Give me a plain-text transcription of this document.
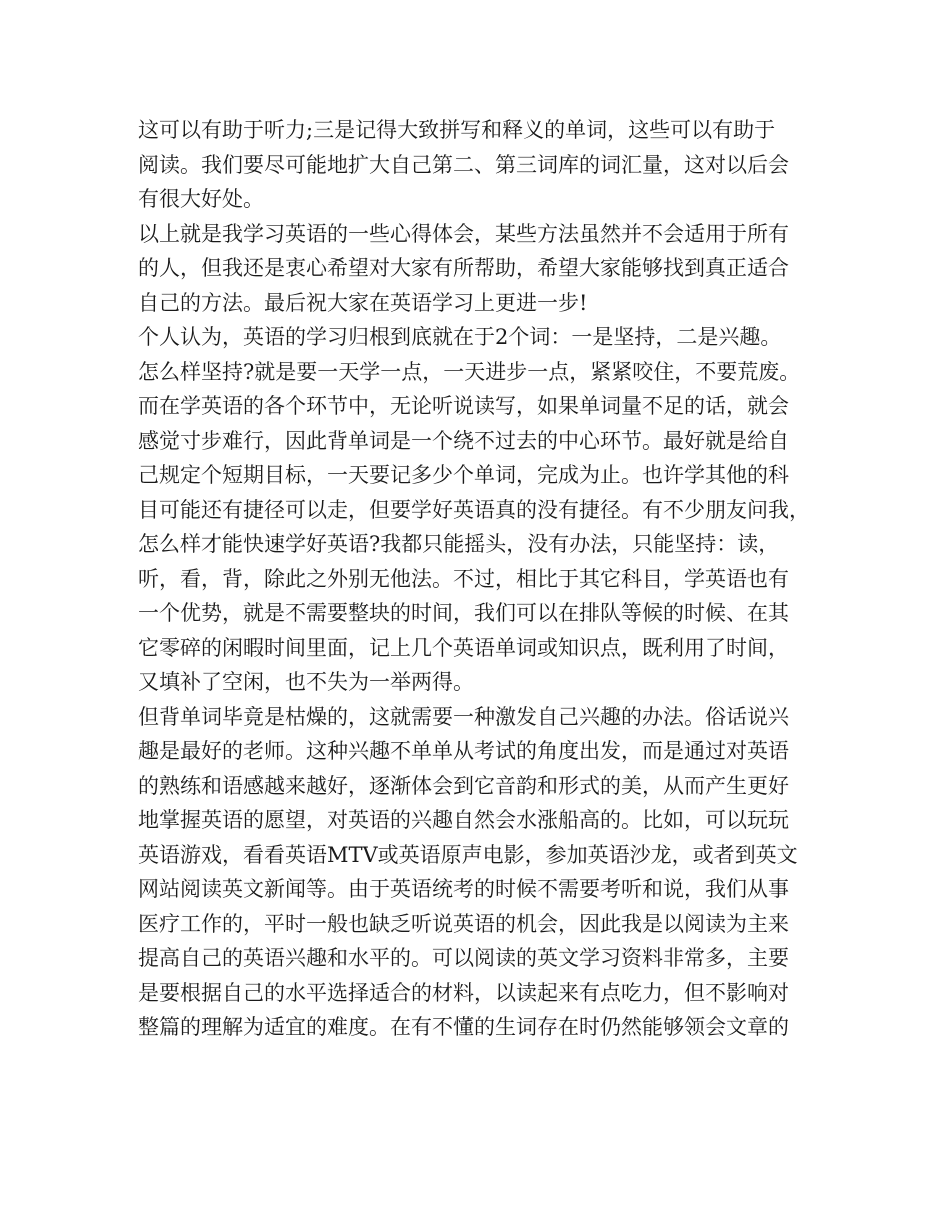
这可以有助于听力;三是记得大致拼写和释义的单词，这些可以有助于
阅读。我们要尽可能地扩大自己第二、第三词库的词汇量，这对以后会
有很大好处。
以上就是我学习英语的一些心得体会，某些方法虽然并不会适用于所有
的人，但我还是衷心希望对大家有所帮助，希望大家能够找到真正适合
自己的方法。最后祝大家在英语学习上更进一步!
个人认为，英语的学习归根到底就在于2个词：一是坚持，二是兴趣。
怎么样坚持?就是要一天学一点，一天进步一点，紧紧咬住，不要荒废。
而在学英语的各个环节中，无论听说读写，如果单词量不足的话，就会
感觉寸步难行，因此背单词是一个绕不过去的中心环节。最好就是给自
己规定个短期目标，一天要记多少个单词，完成为止。也许学其他的科
目可能还有捷径可以走，但要学好英语真的没有捷径。有不少朋友问我，
怎么样才能快速学好英语?我都只能摇头，没有办法，只能坚持：读，
听，看，背，除此之外别无他法。不过，相比于其它科目，学英语也有
一个优势，就是不需要整块的时间，我们可以在排队等候的时候、在其
它零碎的闲暇时间里面，记上几个英语单词或知识点，既利用了时间，
又填补了空闲，也不失为一举两得。
但背单词毕竟是枯燥的，这就需要一种激发自己兴趣的办法。俗话说兴
趣是最好的老师。这种兴趣不单单从考试的角度出发，而是通过对英语
的熟练和语感越来越好，逐渐体会到它音韵和形式的美，从而产生更好
地掌握英语的愿望，对英语的兴趣自然会水涨船高的。比如，可以玩玩
英语游戏，看看英语MTV或英语原声电影，参加英语沙龙，或者到英文
网站阅读英文新闻等。由于英语统考的时候不需要考听和说，我们从事
医疗工作的，平时一般也缺乏听说英语的机会，因此我是以阅读为主来
提高自己的英语兴趣和水平的。可以阅读的英文学习资料非常多，主要
是要根据自己的水平选择适合的材料，以读起来有点吃力，但不影响对
整篇的理解为适宜的难度。在有不懂的生词存在时仍然能够领会文章的
